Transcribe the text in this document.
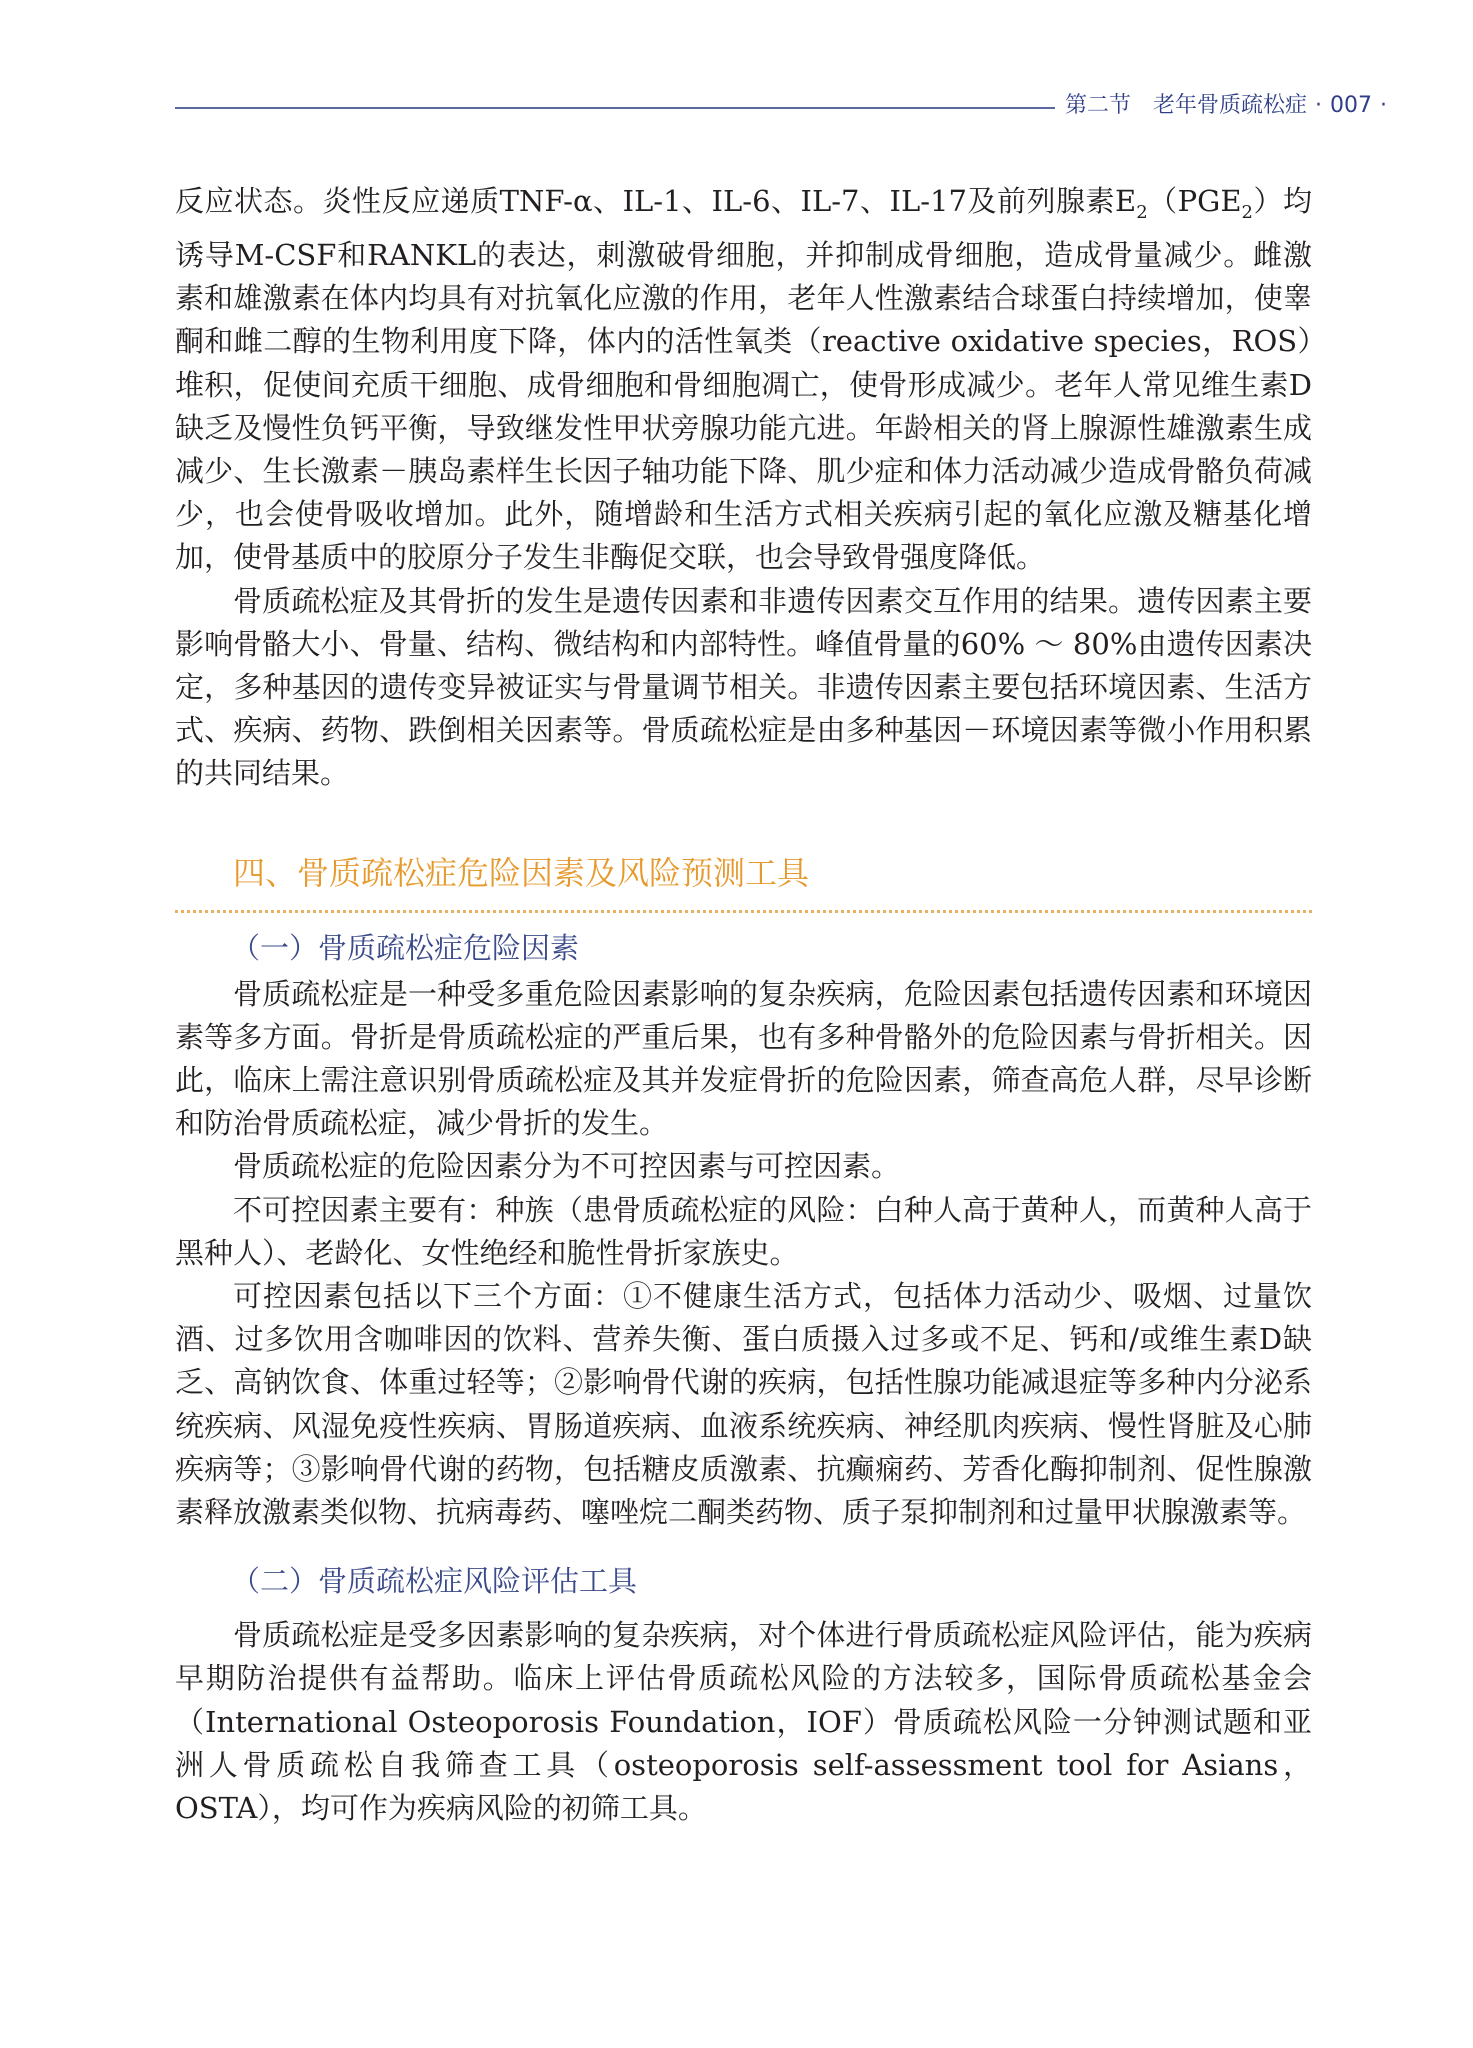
第二节 老年骨质疏松症 · 007 ·

反应状态。炎性反应递质TNF-α、IL-1、IL-6、IL-7、IL-17及前列腺素$E_2(PGE_2)$均诱导M-CSF和RANKL的表达，刺激破骨细胞，并抑制成骨细胞，造成骨量减少。雌激素和雄激素在体内均具有对抗氧化应激的作用，老年人性激素结合球蛋白持续增加，使睾酮和雌二醇的生物利用度下降，体内的活性氧类（reactive oxidative species，ROS）堆积，促使间充质干细胞、成骨细胞和骨细胞凋亡，使骨形成减少。老年人常见维生素D缺乏及慢性负钙平衡，导致继发性甲状旁腺功能亢进。年龄相关的肾上腺源性雄激素生成减少、生长激素－胰岛素样生长因子轴功能下降、肌少症和体力活动减少造成骨骼负荷减少，也会使骨吸收增加。此外，随增龄和生活方式相关疾病引起的氧化应激及糖基化增加，使骨基质中的胶原分子发生非酶促交联，也会导致骨强度降低。

骨质疏松症及其骨折的发生是遗传因素和非遗传因素交互作用的结果。遗传因素主要影响骨骼大小、骨量、结构、微结构和内部特性。峰值骨量的60% ～ 80%由遗传因素决定，多种基因的遗传变异被证实与骨量调节相关。非遗传因素主要包括环境因素、生活方式、疾病、药物、跌倒相关因素等。骨质疏松症是由多种基因－环境因素等微小作用积累的共同结果。

四、骨质疏松症危险因素及风险预测工具
（一）骨质疏松症危险因素

骨质疏松症是一种受多重危险因素影响的复杂疾病，危险因素包括遗传因素和环境因素等多方面。骨折是骨质疏松症的严重后果，也有多种骨骼外的危险因素与骨折相关。因此，临床上需注意识别骨质疏松症及其并发症骨折的危险因素，筛查高危人群，尽早诊断和防治骨质疏松症，减少骨折的发生。

骨质疏松症的危险因素分为不可控因素与可控因素。

不可控因素主要有：种族（患骨质疏松症的风险：白种人高于黄种人，而黄种人高于黑种人）、老龄化、女性绝经和脆性骨折家族史。

可控因素包括以下三个方面：①不健康生活方式，包括体力活动少、吸烟、过量饮酒、过多饮用含咖啡因的饮料、营养失衡、蛋白质摄入过多或不足、钙和/或维生素D缺乏、高钠饮食、体重过轻等；②影响骨代谢的疾病，包括性腺功能减退症等多种内分泌系统疾病、风湿免疫性疾病、胃肠道疾病、血液系统疾病、神经肌肉疾病、慢性肾脏及心肺疾病等；③影响骨代谢的药物，包括糖皮质激素、抗癫痫药、芳香化酶抑制剂、促性腺激素释放激素类似物、抗病毒药、噻唑烷二酮类药物、质子泵抑制剂和过量甲状腺激素等。

（二）骨质疏松症风险评估工具

骨质疏松症是受多因素影响的复杂疾病，对个体进行骨质疏松症风险评估，能为疾病早期防治提供有益帮助。临床上评估骨质疏松风险的方法较多，国际骨质疏松基金会（International Osteoporosis Foundation，IOF）骨质疏松风险一分钟测试题和亚洲人骨质疏松自我筛查工具（osteoporosis self-assessment tool for Asians，OSTA），均可作为疾病风险的初筛工具。
